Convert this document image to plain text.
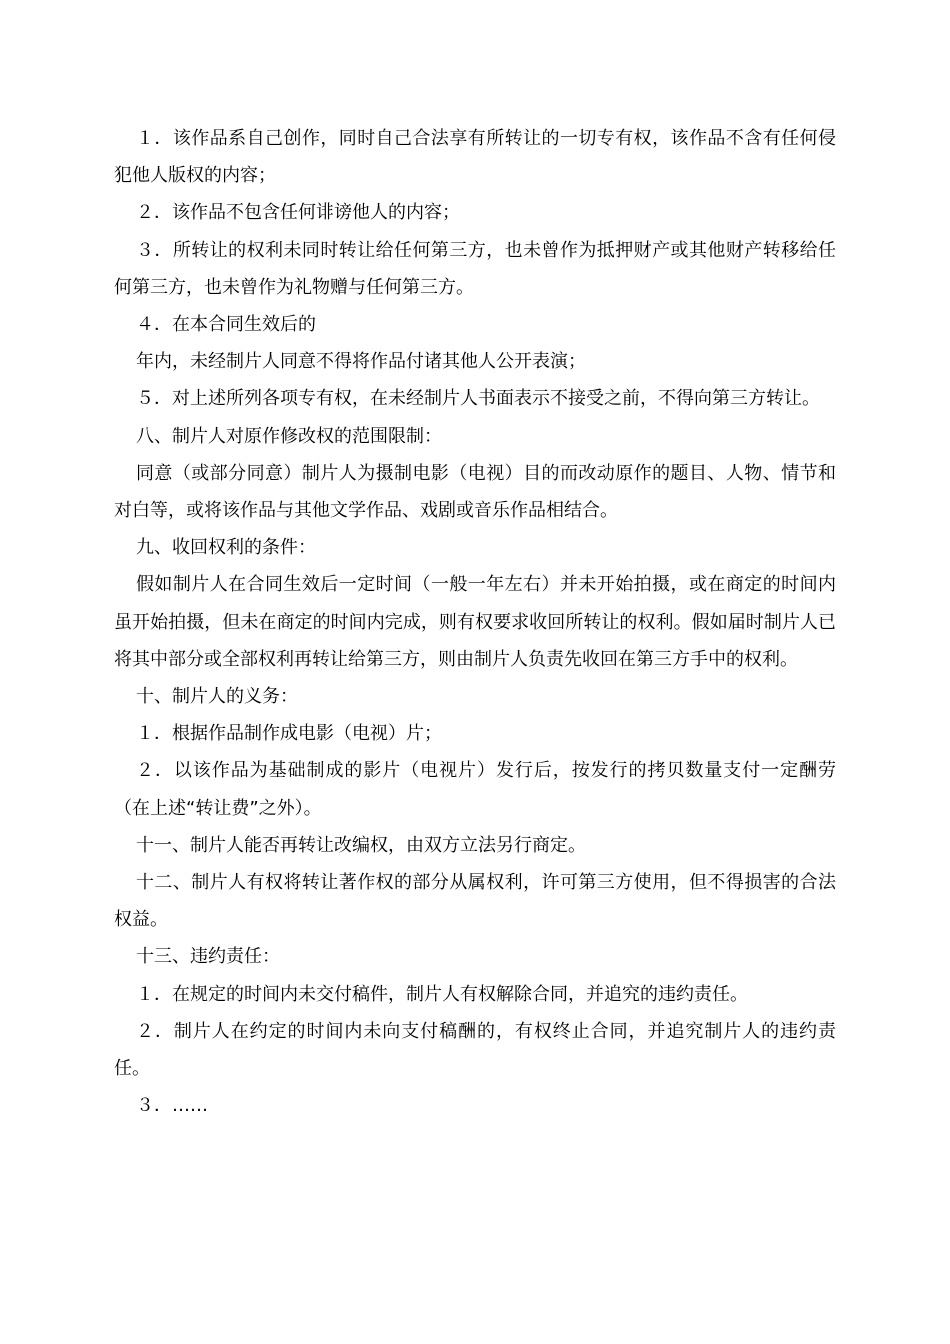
１．该作品系自己创作，同时自己合法享有所转让的一切专有权，该作品不含有任何侵犯他人版权的内容；

２．该作品不包含任何诽谤他人的内容；

３．所转让的权利未同时转让给任何第三方，也未曾作为抵押财产或其他财产转移给任何第三方，也未曾作为礼物赠与任何第三方。

４．在本合同生效后的

年内，未经制片人同意不得将作品付诸其他人公开表演；

５．对上述所列各项专有权，在未经制片人书面表示不接受之前，不得向第三方转让。

八、制片人对原作修改权的范围限制：

同意（或部分同意）制片人为摄制电影（电视）目的而改动原作的题目、人物、情节和对白等，或将该作品与其他文学作品、戏剧或音乐作品相结合。

九、收回权利的条件：

假如制片人在合同生效后一定时间（一般一年左右）并未开始拍摄，或在商定的时间内虽开始拍摄，但未在商定的时间内完成，则有权要求收回所转让的权利。假如届时制片人已将其中部分或全部权利再转让给第三方，则由制片人负责先收回在第三方手中的权利。

十、制片人的义务：

１．根据作品制作成电影（电视）片；

２．以该作品为基础制成的影片（电视片）发行后，按发行的拷贝数量支付一定酬劳（在上述“转让费”之外）。

十一、制片人能否再转让改编权，由双方立法另行商定。

十二、制片人有权将转让著作权的部分从属权利，许可第三方使用，但不得损害的合法权益。

十三、违约责任：

１．在规定的时间内未交付稿件，制片人有权解除合同，并追究的违约责任。

２．制片人在约定的时间内未向支付稿酬的，有权终止合同，并追究制片人的违约责任。

３．……
